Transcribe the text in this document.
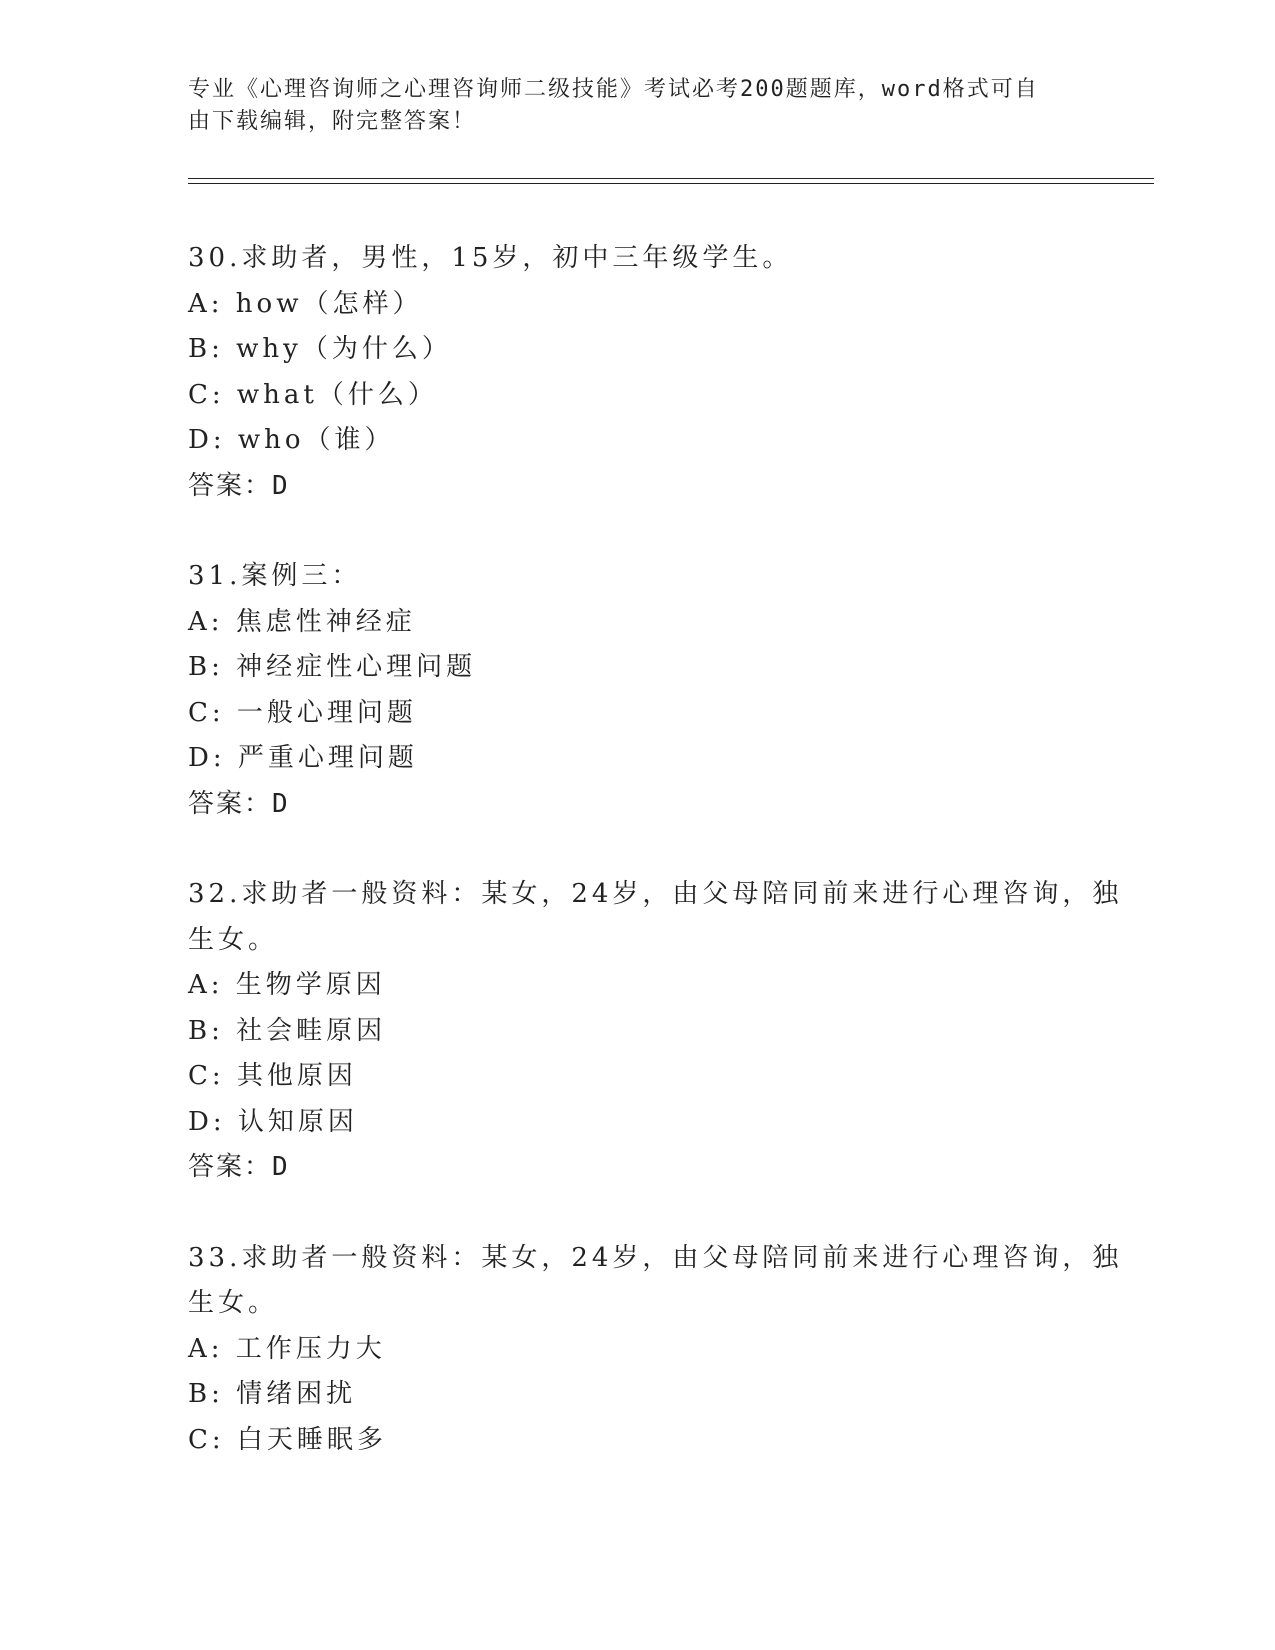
专业《心理咨询师之心理咨询师二级技能》考试必考200题题库，word格式可自
由下载编辑，附完整答案！
30.求助者，男性，15岁，初中三年级学生。
A: how（怎样）
B: why（为什么）
C: what（什么）
D: who（谁）
答案：D
31.案例三：
A: 焦虑性神经症
B: 神经症性心理问题
C: 一般心理问题
D: 严重心理问题
答案：D
32.求助者一般资料：某女，24岁，由父母陪同前来进行心理咨询，独
生女。
A: 生物学原因
B: 社会畦原因
C: 其他原因
D: 认知原因
答案：D
33.求助者一般资料：某女，24岁，由父母陪同前来进行心理咨询，独
生女。
A: 工作压力大
B: 情绪困扰
C: 白天睡眠多
